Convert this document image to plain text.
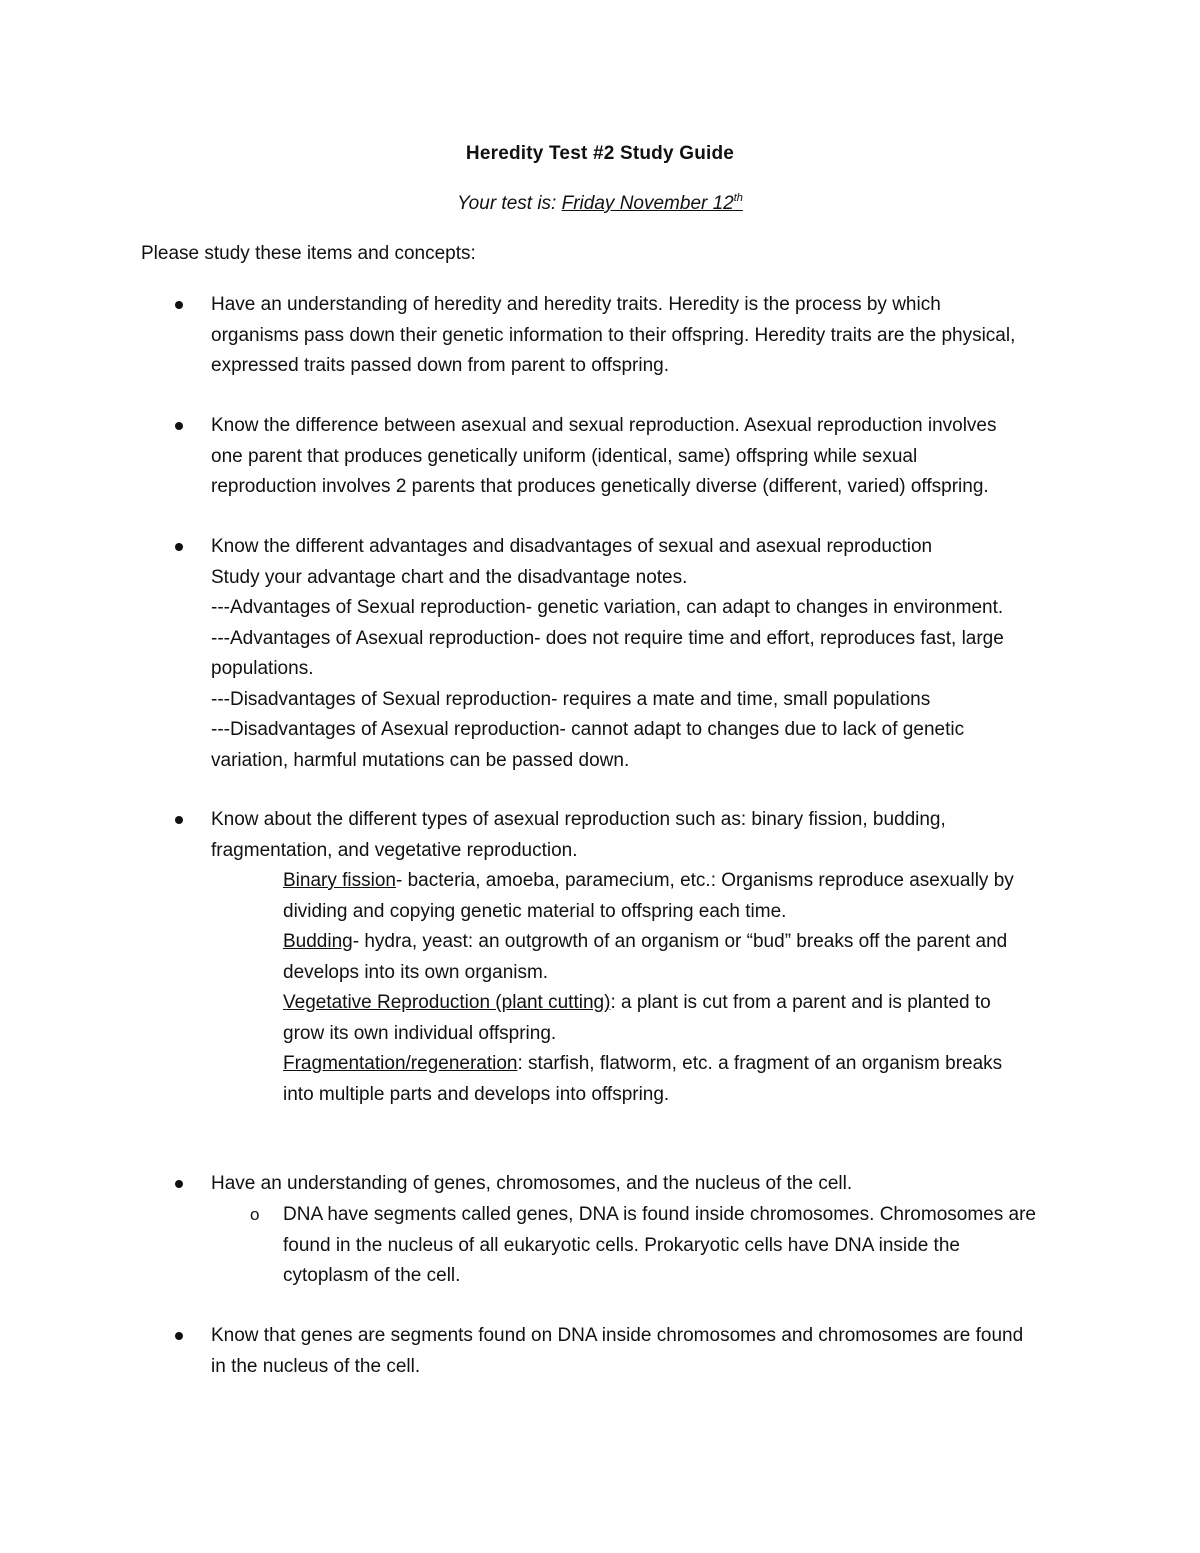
Heredity Test #2 Study Guide
Your test is: Friday November 12th
Please study these items and concepts:
Have an understanding of heredity and heredity traits. Heredity is the process by which
organisms pass down their genetic information to their offspring. Heredity traits are the physical,
expressed traits passed down from parent to offspring.
Know the difference between asexual and sexual reproduction. Asexual reproduction involves
one parent that produces genetically uniform (identical, same) offspring while sexual
reproduction involves 2 parents that produces genetically diverse (different, varied) offspring.
Know the different advantages and disadvantages of sexual and asexual reproduction
Study your advantage chart and the disadvantage notes.
---Advantages of Sexual reproduction- genetic variation, can adapt to changes in environment.
---Advantages of Asexual reproduction- does not require time and effort, reproduces fast, large
populations.
---Disadvantages of Sexual reproduction- requires a mate and time, small populations
---Disadvantages of Asexual reproduction- cannot adapt to changes due to lack of genetic
variation, harmful mutations can be passed down.
Know about the different types of asexual reproduction such as: binary fission, budding,
fragmentation, and vegetative reproduction.
Binary fission- bacteria, amoeba, paramecium, etc.: Organisms reproduce asexually by
dividing and copying genetic material to offspring each time.
Budding- hydra, yeast: an outgrowth of an organism or “bud” breaks off the parent and
develops into its own organism.
Vegetative Reproduction (plant cutting): a plant is cut from a parent and is planted to
grow its own individual offspring.
Fragmentation/regeneration: starfish, flatworm, etc. a fragment of an organism breaks
into multiple parts and develops into offspring.
Have an understanding of genes, chromosomes, and the nucleus of the cell.
o DNA have segments called genes, DNA is found inside chromosomes. Chromosomes are
found in the nucleus of all eukaryotic cells. Prokaryotic cells have DNA inside the
cytoplasm of the cell.
Know that genes are segments found on DNA inside chromosomes and chromosomes are found
in the nucleus of the cell.
